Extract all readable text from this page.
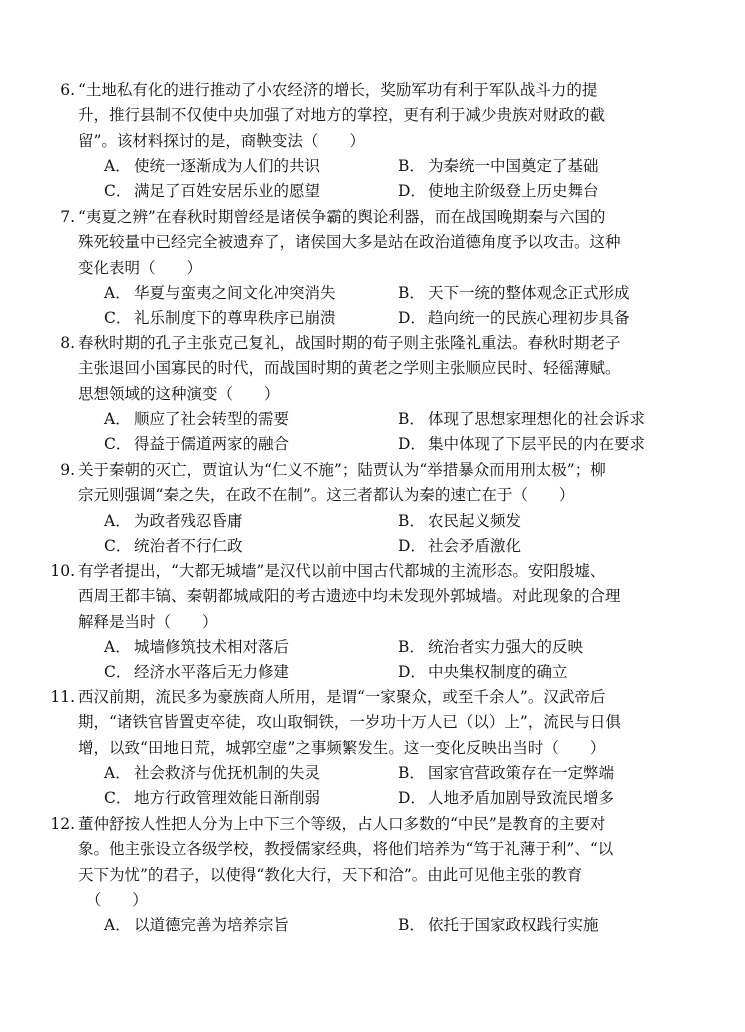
6. “土地私有化的进行推动了小农经济的增长，奖励军功有利于军队战斗力的提
升，推行县制不仅使中央加强了对地方的掌控，更有利于减少贵族对财政的截
留”。该材料探讨的是，商鞅变法（　　）
A． 使统一逐渐成为人们的共识	B． 为秦统一中国奠定了基础
C． 满足了百姓安居乐业的愿望	D． 使地主阶级登上历史舞台
7. “夷夏之辨”在春秋时期曾经是诸侯争霸的舆论利器，而在战国晚期秦与六国的
殊死较量中已经完全被遗弃了，诸侯国大多是站在政治道德角度予以攻击。这种
变化表明（　　）
A． 华夏与蛮夷之间文化冲突消失	B． 天下一统的整体观念正式形成
C． 礼乐制度下的尊卑秩序已崩溃	D． 趋向统一的民族心理初步具备
8. 春秋时期的孔子主张克己复礼，战国时期的荀子则主张隆礼重法。春秋时期老子
主张退回小国寡民的时代，而战国时期的黄老之学则主张顺应民时、轻徭薄赋。
思想领域的这种演变（　　）
A． 顺应了社会转型的需要	B． 体现了思想家理想化的社会诉求
C． 得益于儒道两家的融合	D． 集中体现了下层平民的内在要求
9. 关于秦朝的灭亡，贾谊认为“仁义不施”；陆贾认为“举措暴众而用刑太极”；柳
宗元则强调“秦之失，在政不在制”。这三者都认为秦的速亡在于（　　）
A． 为政者残忍昏庸	B． 农民起义频发
C． 统治者不行仁政	D． 社会矛盾激化
10. 有学者提出，“大都无城墙”是汉代以前中国古代都城的主流形态。安阳殷墟、
西周王都丰镐、秦朝都城咸阳的考古遗迹中均未发现外郭城墙。对此现象的合理
解释是当时（　　）
A． 城墙修筑技术相对落后	B． 统治者实力强大的反映
C． 经济水平落后无力修建	D． 中央集权制度的确立
11. 西汉前期，流民多为豪族商人所用，是谓“一家聚众，或至千余人”。汉武帝后
期，“诸铁官皆置吏卒徒，攻山取铜铁，一岁功十万人已（以）上”，流民与日俱
增，以致“田地日荒，城郭空虚”之事频繁发生。这一变化反映出当时（　　）
A． 社会救济与优抚机制的失灵	B． 国家官营政策存在一定弊端
C． 地方行政管理效能日渐削弱	D． 人地矛盾加剧导致流民增多
12. 董仲舒按人性把人分为上中下三个等级，占人口多数的“中民”是教育的主要对
象。他主张设立各级学校，教授儒家经典，将他们培养为“笃于礼薄于利”、“以
天下为忧”的君子，以使得“教化大行，天下和洽”。由此可见他主张的教育
　（　　）
A． 以道德完善为培养宗旨	B． 依托于国家政权践行实施
